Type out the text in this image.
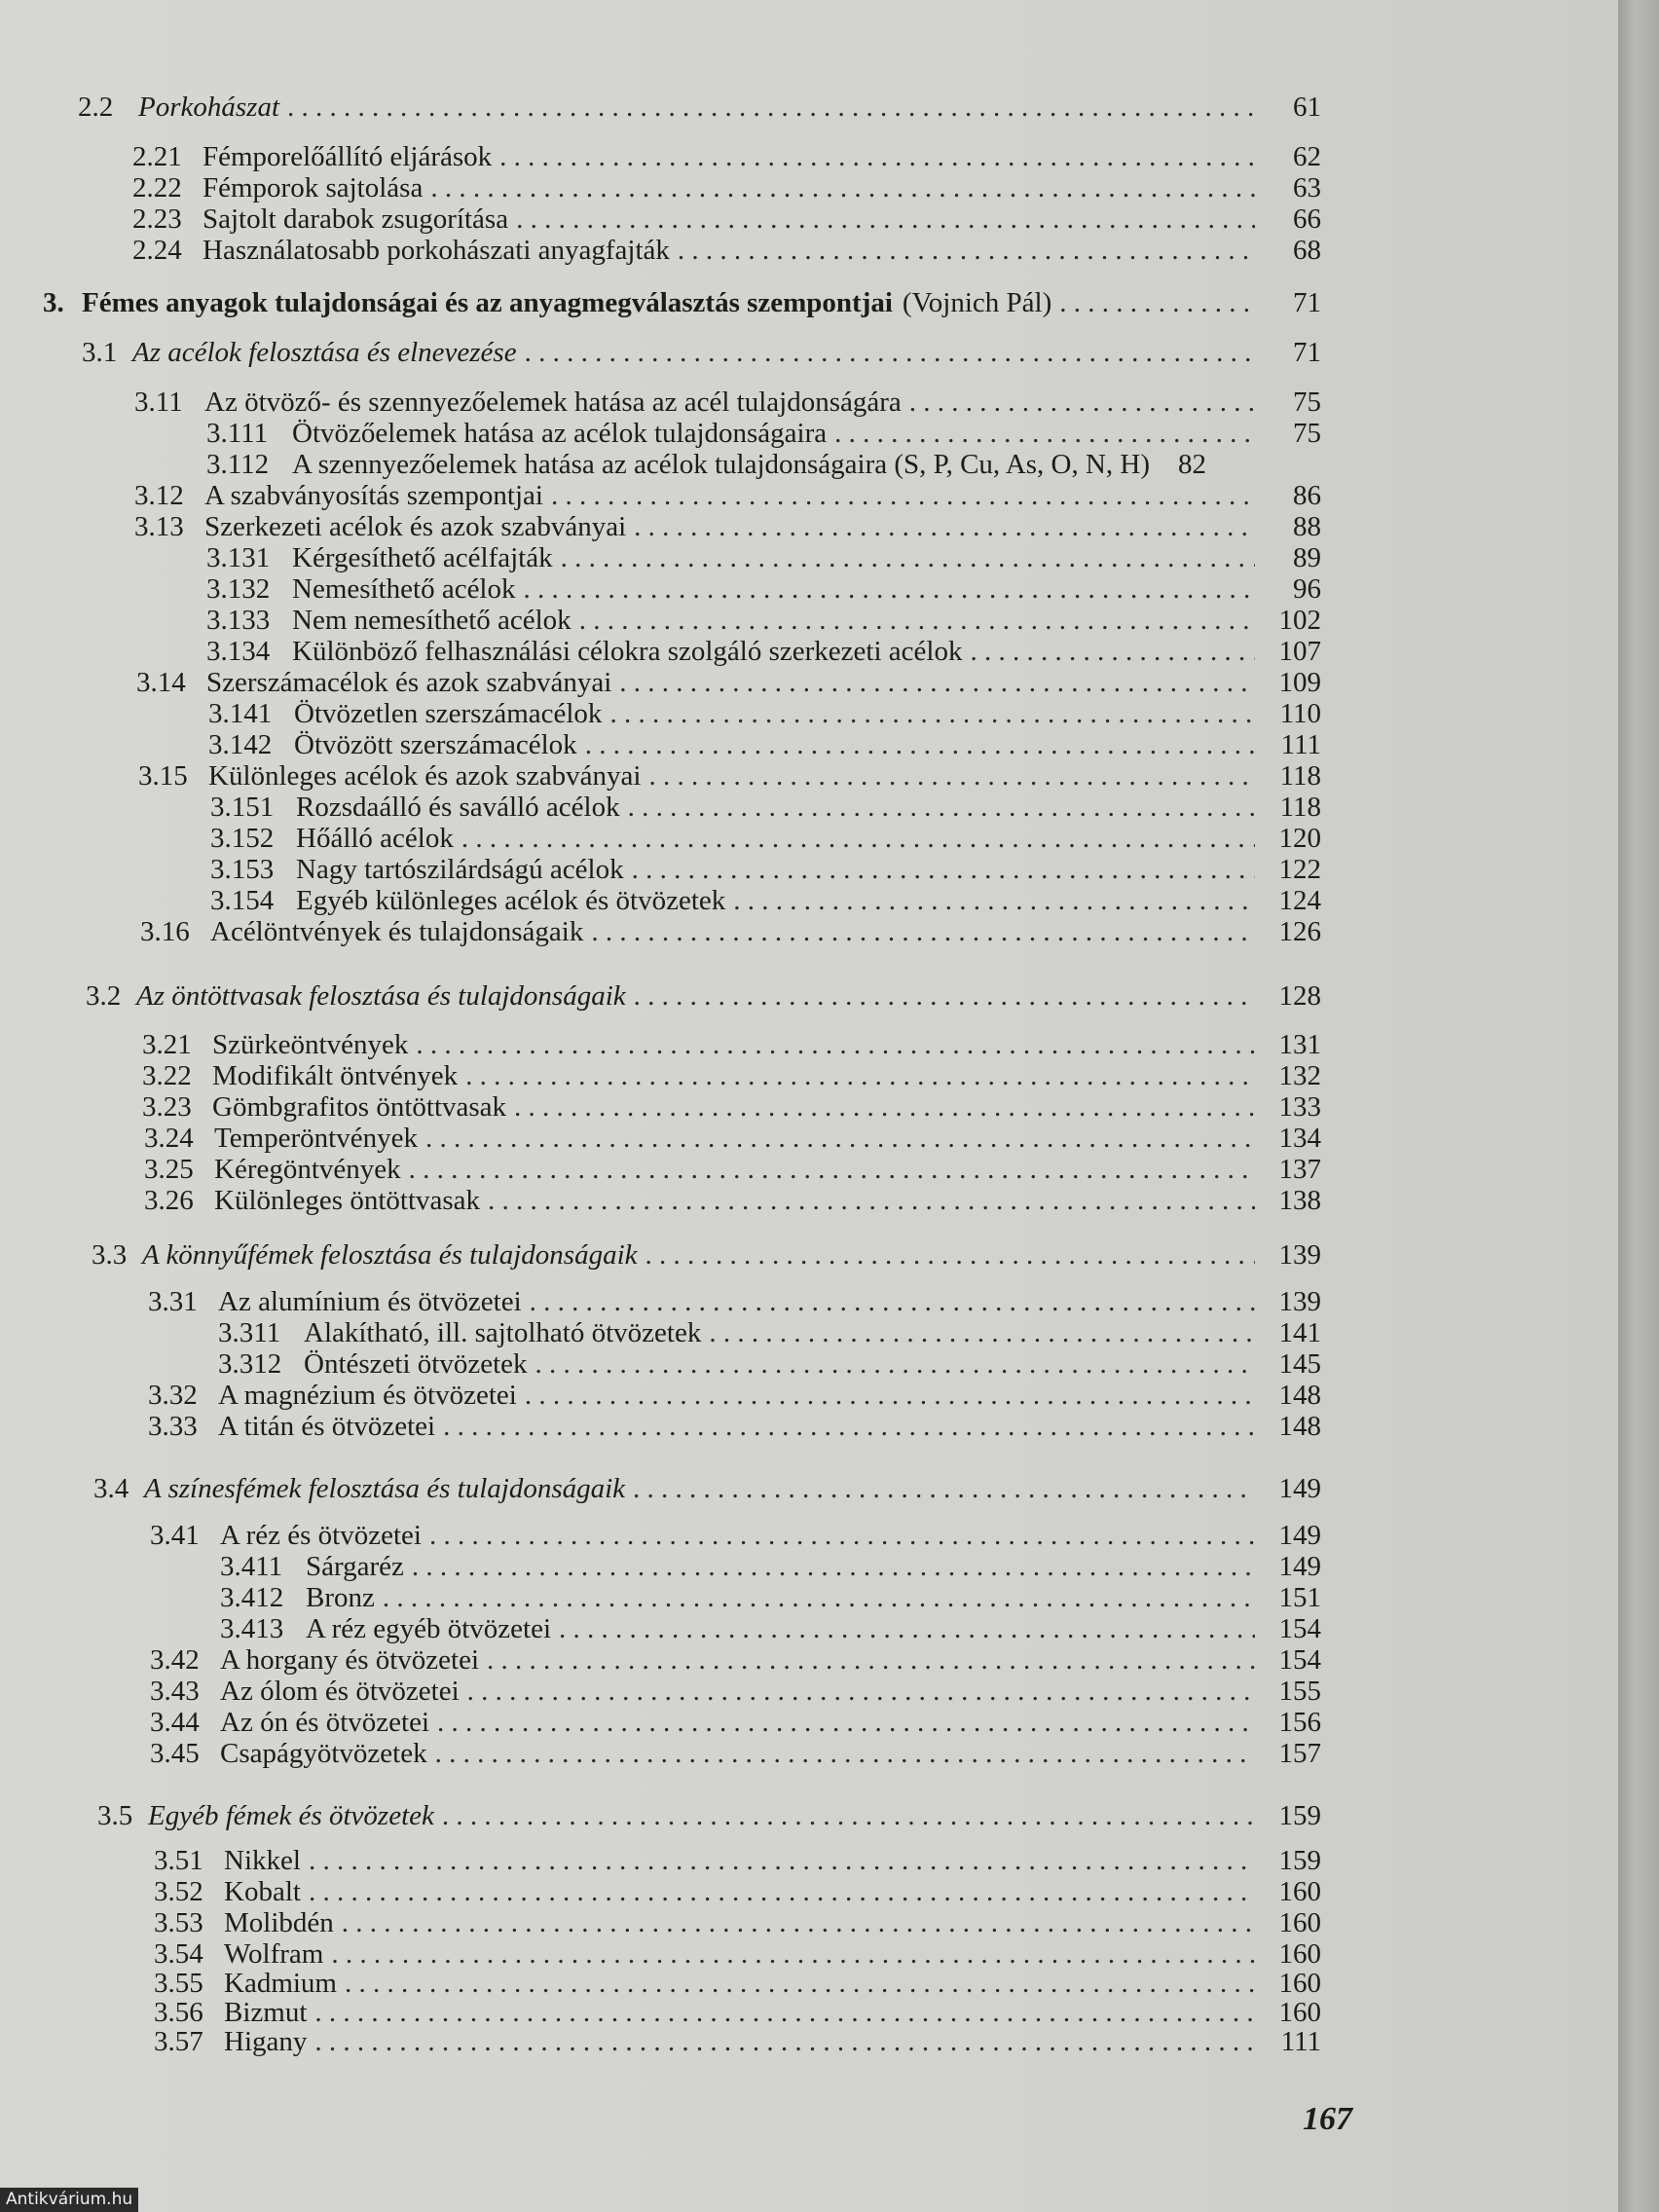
2.2 Porkohászat . . .	61
2.21 Fémporelőállító eljárások . . .	62
2.22 Fémporok sajtolása . . .	63
2.23 Sajtolt darabok zsugorítása . . .	66
2.24 Használatosabb porkohászati anyagfajták . . .	68
3. Fémes anyagok tulajdonságai és az anyagmegválasztás szempontjai (Vojnich Pál) . . .	71
3.1 Az acélok felosztása és elnevezése . . .	71
3.11 Az ötvöző- és szennyezőelemek hatása az acél tulajdonságára . . .	75
3.111 Ötvözőelemek hatása az acélok tulajdonságaira . . .	75
3.112 A szennyezőelemek hatása az acélok tulajdonságaira (S, P, Cu, As, O, N, H)	82
3.12 A szabványosítás szempontjai . . .	86
3.13 Szerkezeti acélok és azok szabványai . . .	88
3.131 Kérgesíthető acélfajták . . .	89
3.132 Nemesíthető acélok . . .	96
3.133 Nem nemesíthető acélok . . .	102
3.134 Különböző felhasználási célokra szolgáló szerkezeti acélok . . .	107
3.14 Szerszámacélok és azok szabványai . . .	109
3.141 Ötvözetlen szerszámacélok . . .	110
3.142 Ötvözött szerszámacélok . . .	111
3.15 Különleges acélok és azok szabványai . . .	118
3.151 Rozsdaálló és saválló acélok . . .	118
3.152 Hőálló acélok . . .	120
3.153 Nagy tartószilárdságú acélok . . .	122
3.154 Egyéb különleges acélok és ötvözetek . . .	124
3.16 Acélöntvények és tulajdonságaik . . .	126
3.2 Az öntöttvasak felosztása és tulajdonságaik . . .	128
3.21 Szürkeöntvények . . .	131
3.22 Modifikált öntvények . . .	132
3.23 Gömbgrafitos öntöttvasak . . .	133
3.24 Temperöntvények . . .	134
3.25 Kéregöntvények . . .	137
3.26 Különleges öntöttvasak . . .	138
3.3 A könnyűfémek felosztása és tulajdonságaik . . .	139
3.31 Az alumínium és ötvözetei . . .	139
3.311 Alakítható, ill. sajtolható ötvözetek . . .	141
3.312 Öntészeti ötvözetek . . .	145
3.32 A magnézium és ötvözetei . . .	148
3.33 A titán és ötvözetei . . .	148
3.4 A színesfémek felosztása és tulajdonságaik . . .	149
3.41 A réz és ötvözetei . . .	149
3.411 Sárgaréz . . .	149
3.412 Bronz . . .	151
3.413 A réz egyéb ötvözetei . . .	154
3.42 A horgany és ötvözetei . . .	154
3.43 Az ólom és ötvözetei . . .	155
3.44 Az ón és ötvözetei . . .	156
3.45 Csapágyötvözetek . . .	157
3.5 Egyéb fémek és ötvözetek . . .	159
3.51 Nikkel . . .	159
3.52 Kobalt . . .	160
3.53 Molibdén . . .	160
3.54 Wolfram . . .	160
3.55 Kadmium . . .	160
3.56 Bizmut . . .	160
3.57 Higany . . .	111
167
Antikvárium.hu
